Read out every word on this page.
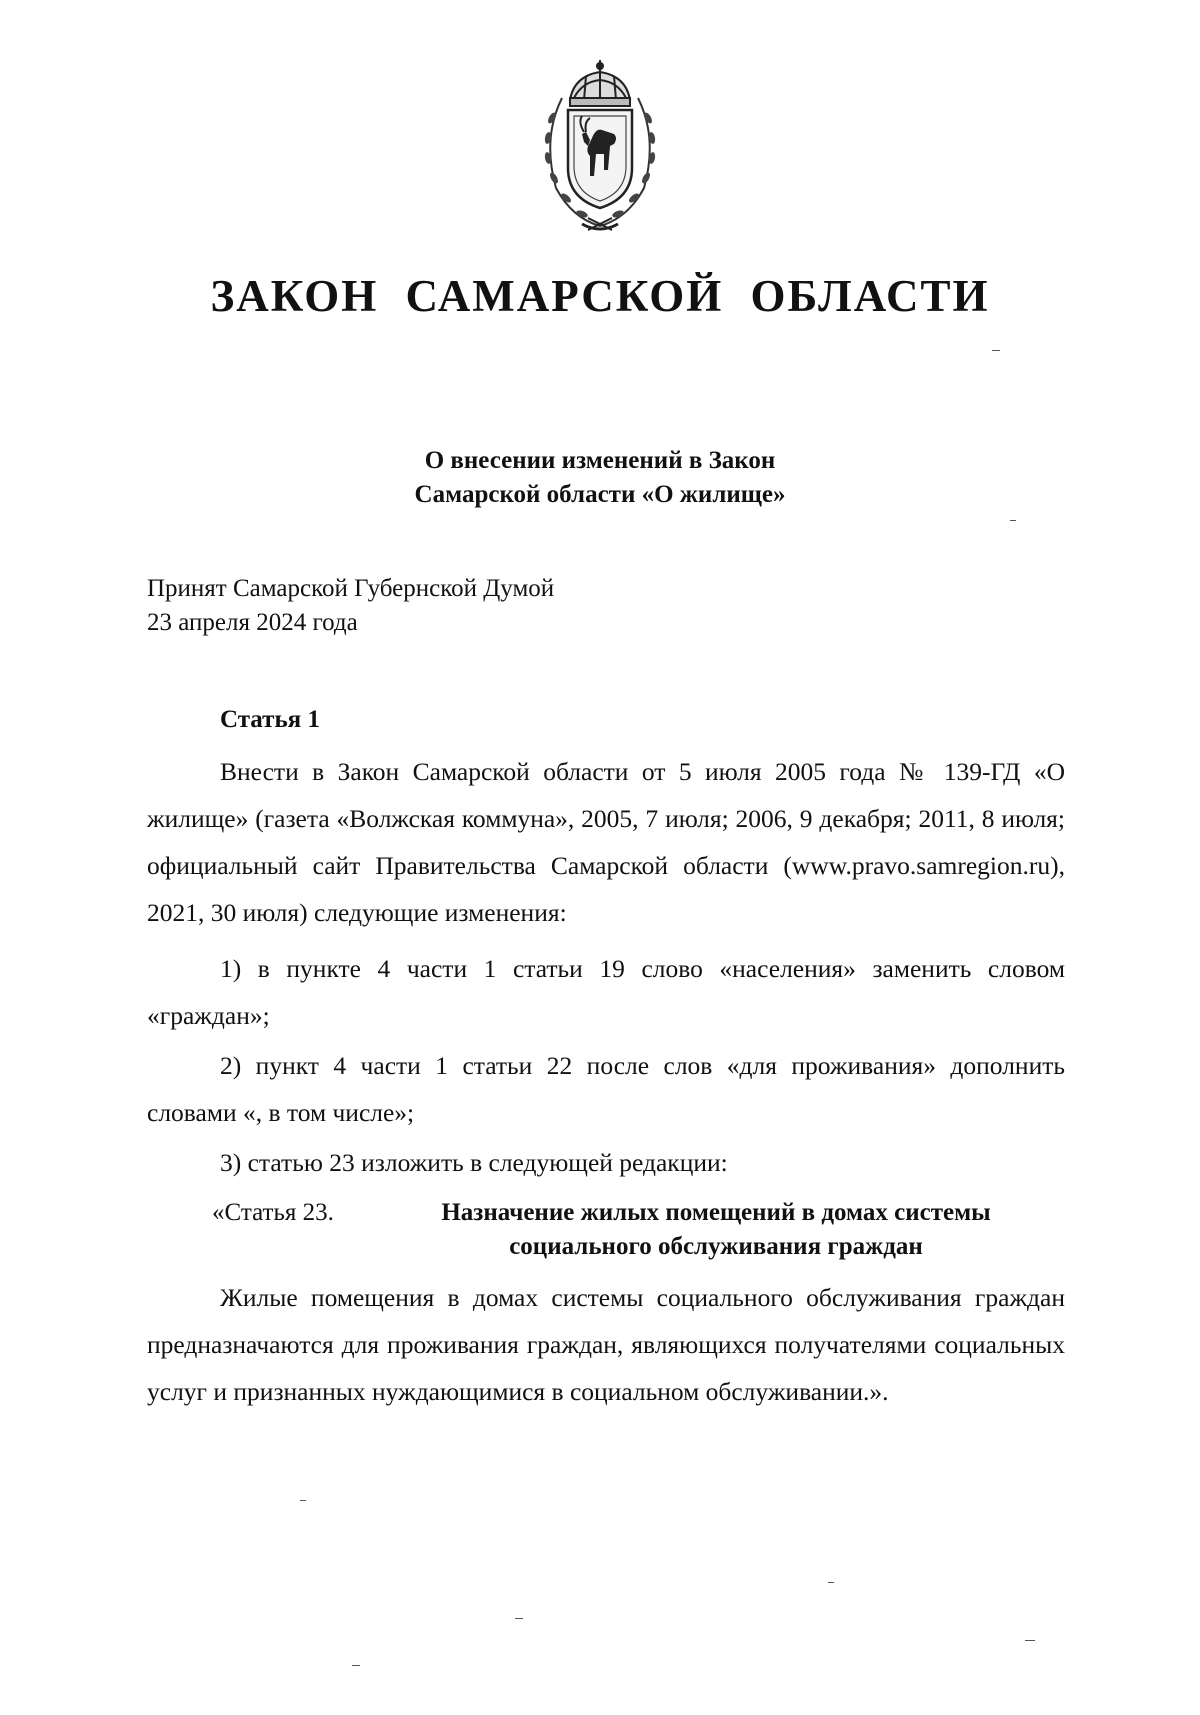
ЗАКОН САМАРСКОЙ ОБЛАСТИ
О внесении изменений в Закон
Самарской области «О жилище»
Принят Самарской Губернской Думой
23 апреля 2024 года
Статья 1

Внести в Закон Самарской области от 5 июля 2005 года № 139-ГД «О жилище» (газета «Волжская коммуна», 2005, 7 июля; 2006, 9 декабря; 2011, 8 июля; официальный сайт Правительства Самарской области (www.pravo.samregion.ru), 2021, 30 июля) следующие изменения:

1) в пункте 4 части 1 статьи 19 слово «населения» заменить словом «граждан»;

2) пункт 4 части 1 статьи 22 после слов «для проживания» дополнить словами «, в том числе»;

3) статью 23 изложить в следующей редакции:

«Статья 23.	Назначение жилых помещений в домах системы
социального обслуживания граждан

Жилые помещения в домах системы социального обслуживания граждан предназначаются для проживания граждан, являющихся получателями социальных услуг и признанных нуждающимися в социальном обслуживании.».
